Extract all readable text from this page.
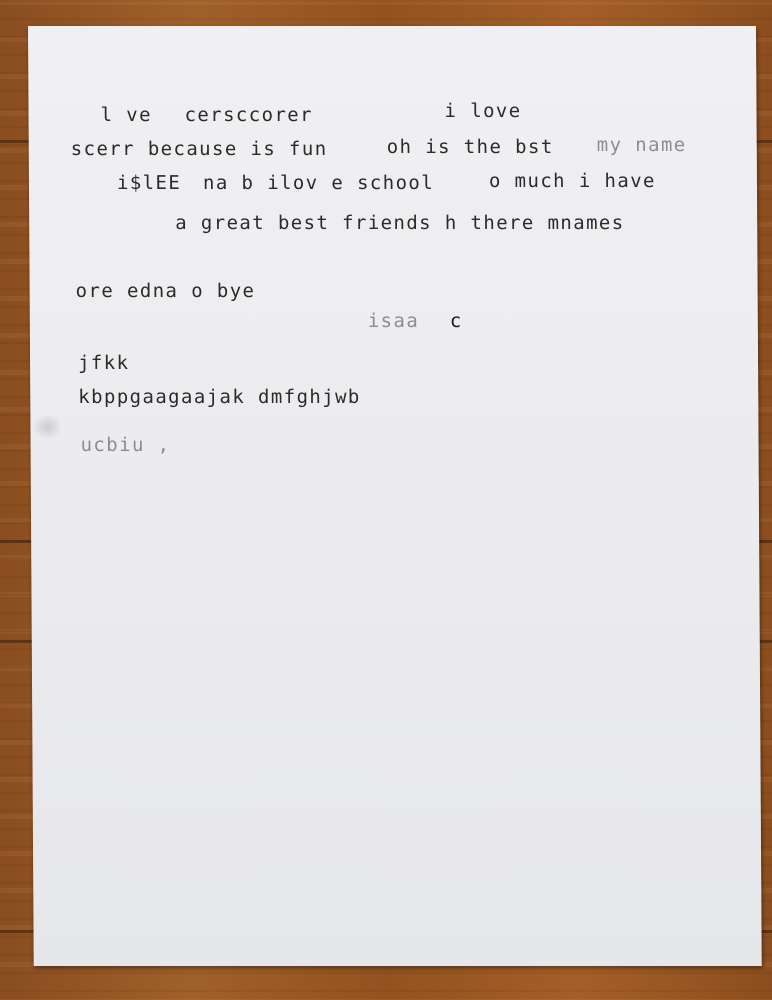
l ve cersccorer	i love

scerr because is fun	oh is the bst my name

i$lEE na b ilov e school	o much i have

a great best friends h there mnames

ore edna o bye

isaa c

jfkk

kbppgaagaajak dmfghjwb

ucbiu ,
